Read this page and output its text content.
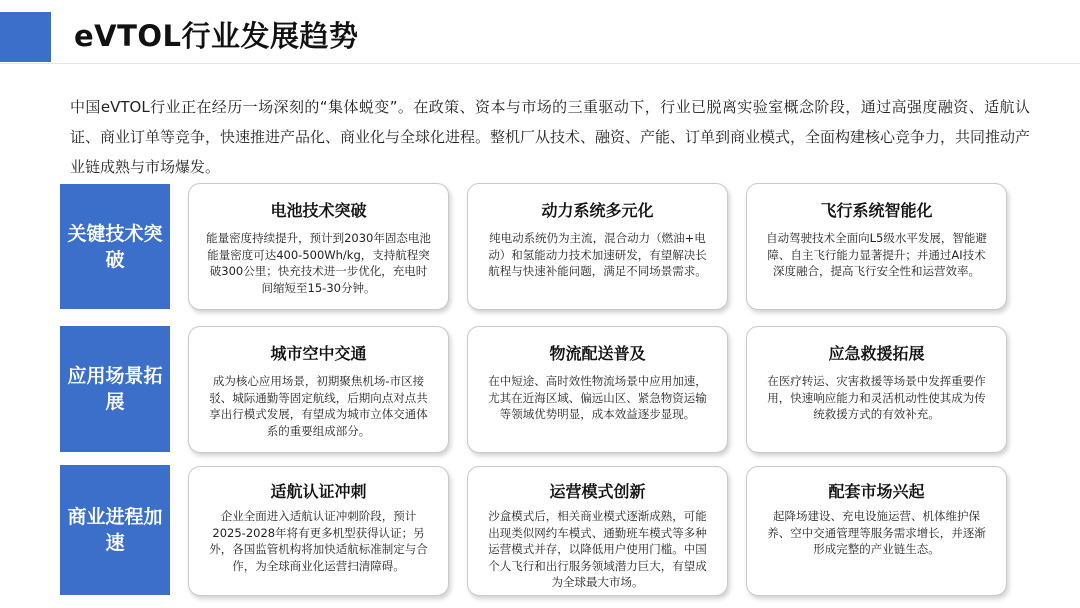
eVTOL行业发展趋势
中国eVTOL行业正在经历一场深刻的“集体蜕变”。在政策、资本与市场的三重驱动下，行业已脱离实验室概念阶段，通过高强度融资、适航认证、商业订单等竞争，快速推进产品化、商业化与全球化进程。整机厂从技术、融资、产能、订单到商业模式，全面构建核心竞争力，共同推动产业链成熟与市场爆发。
关键技术突破
电池技术突破
能量密度持续提升，预计到2030年固态电池能量密度可达400-500Wh/kg，支持航程突破300公里；快充技术进一步优化，充电时间缩短至15-30分钟。
动力系统多元化
纯电动系统仍为主流，混合动力（燃油+电动）和氢能动力技术加速研发，有望解决长航程与快速补能问题，满足不同场景需求。
飞行系统智能化
自动驾驶技术全面向L5级水平发展，智能避障、自主飞行能力显著提升；并通过AI技术深度融合，提高飞行安全性和运营效率。
应用场景拓展
城市空中交通
成为核心应用场景，初期聚焦机场-市区接驳、城际通勤等固定航线，后期向点对点共享出行模式发展，有望成为城市立体交通体系的重要组成部分。
物流配送普及
在中短途、高时效性物流场景中应用加速，尤其在近海区域、偏远山区、紧急物资运输等领域优势明显，成本效益逐步显现。
应急救援拓展
在医疗转运、灾害救援等场景中发挥重要作用，快速响应能力和灵活机动性使其成为传统救援方式的有效补充。
商业进程加速
适航认证冲刺
企业全面进入适航认证冲刺阶段，预计2025-2028年将有更多机型获得认证；另外，各国监管机构将加快适航标准制定与合作，为全球商业化运营扫清障碍。
运营模式创新
沙盒模式后，相关商业模式逐渐成熟，可能出现类似网约车模式、通勤班车模式等多种运营模式并存，以降低用户使用门槛。中国个人飞行和出行服务领域潜力巨大，有望成为全球最大市场。
配套市场兴起
起降场建设、充电设施运营、机体维护保养、空中交通管理等服务需求增长，并逐渐形成完整的产业链生态。
